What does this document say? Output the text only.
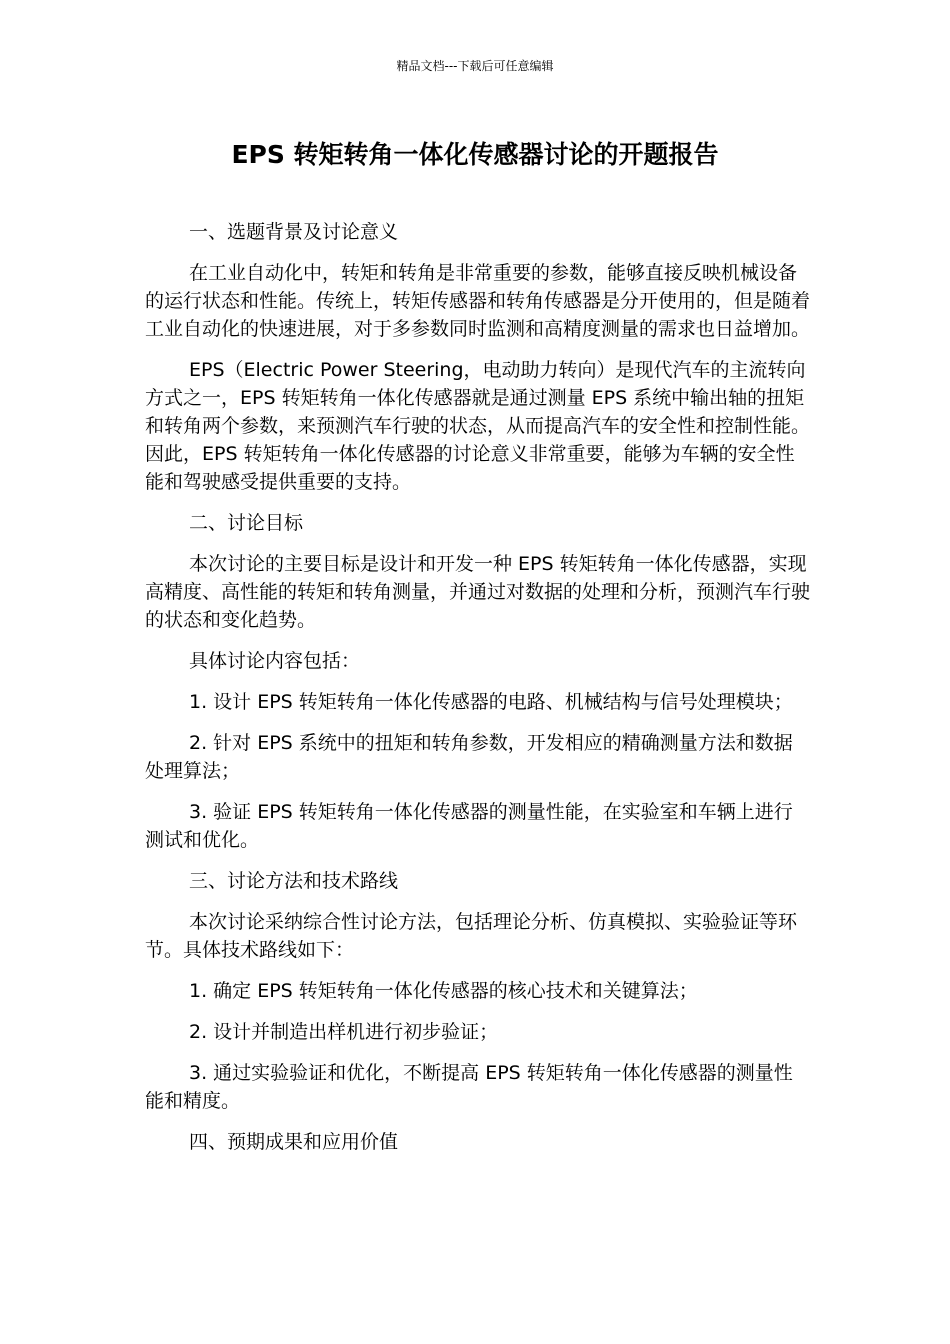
精品文档---下载后可任意编辑
EPS 转矩转角一体化传感器讨论的开题报告

一、选题背景及讨论意义

在工业自动化中，转矩和转角是非常重要的参数，能够直接反映机械设备的运行状态和性能。传统上，转矩传感器和转角传感器是分开使用的，但是随着工业自动化的快速进展，对于多参数同时监测和高精度测量的需求也日益增加。

EPS（Electric Power Steering，电动助力转向）是现代汽车的主流转向方式之一，EPS 转矩转角一体化传感器就是通过测量 EPS 系统中输出轴的扭矩和转角两个参数，来预测汽车行驶的状态，从而提高汽车的安全性和控制性能。因此，EPS 转矩转角一体化传感器的讨论意义非常重要，能够为车辆的安全性能和驾驶感受提供重要的支持。

二、讨论目标

本次讨论的主要目标是设计和开发一种 EPS 转矩转角一体化传感器，实现高精度、高性能的转矩和转角测量，并通过对数据的处理和分析，预测汽车行驶的状态和变化趋势。

具体讨论内容包括：

1. 设计 EPS 转矩转角一体化传感器的电路、机械结构与信号处理模块；

2. 针对 EPS 系统中的扭矩和转角参数，开发相应的精确测量方法和数据处理算法；

3. 验证 EPS 转矩转角一体化传感器的测量性能，在实验室和车辆上进行测试和优化。

三、讨论方法和技术路线

本次讨论采纳综合性讨论方法，包括理论分析、仿真模拟、实验验证等环节。具体技术路线如下：

1. 确定 EPS 转矩转角一体化传感器的核心技术和关键算法；

2. 设计并制造出样机进行初步验证；

3. 通过实验验证和优化，不断提高 EPS 转矩转角一体化传感器的测量性能和精度。

四、预期成果和应用价值
